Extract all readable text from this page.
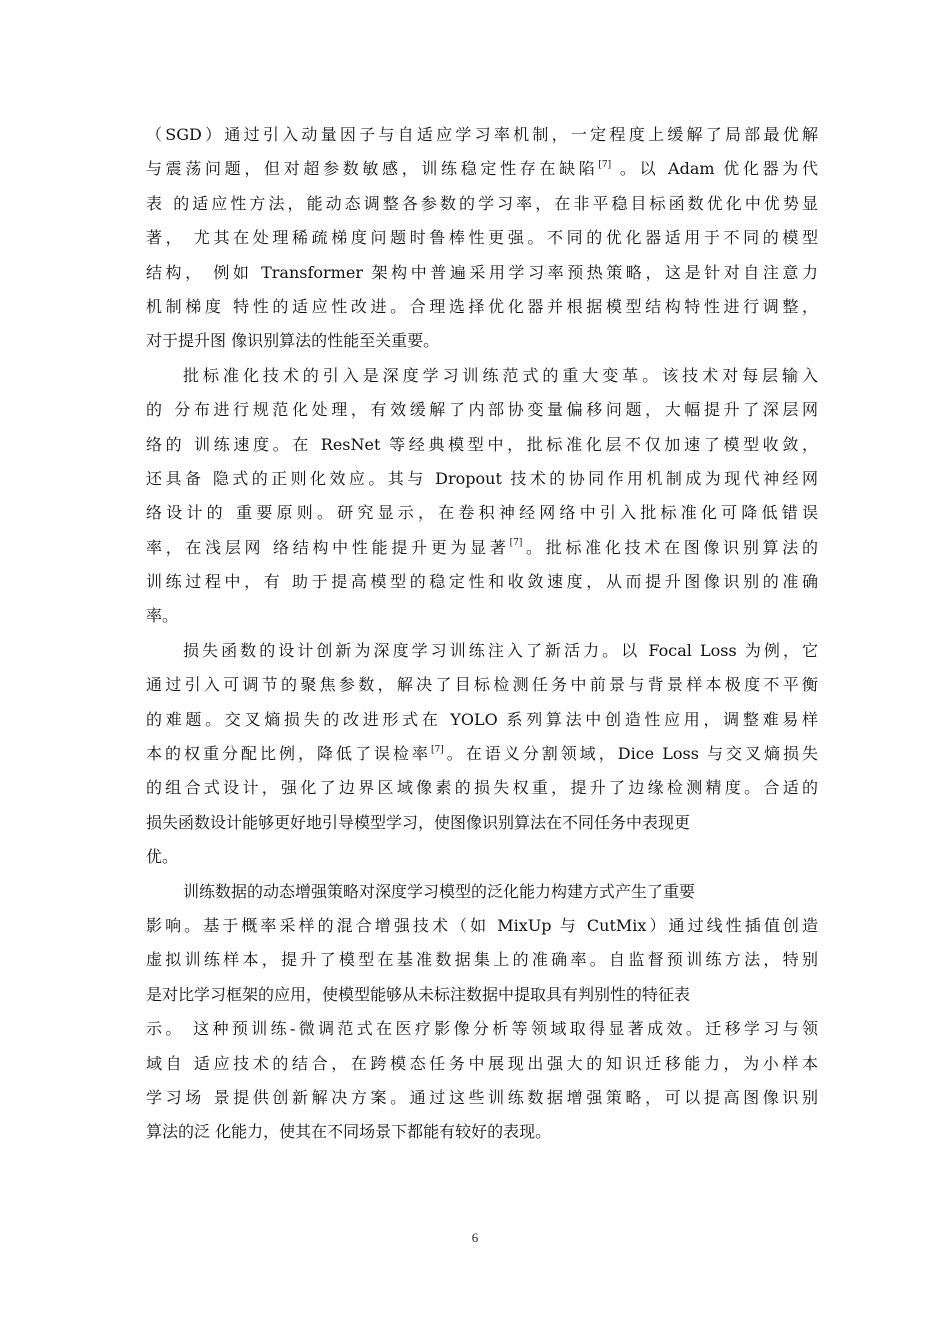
（SGD）通过引入动量因子与自适应学习率机制，一定程度上缓解了局部最优解
与震荡问题，但对超参数敏感，训练稳定性存在缺陷[7] 。以 Adam 优化器为代
表 的适应性方法，能动态调整各参数的学习率，在非平稳目标函数优化中优势显
著， 尤其在处理稀疏梯度问题时鲁棒性更强。不同的优化器适用于不同的模型
结构， 例如 Transformer 架构中普遍采用学习率预热策略，这是针对自注意力
机制梯度 特性的适应性改进。合理选择优化器并根据模型结构特性进行调整，
对于提升图 像识别算法的性能至关重要。
批标准化技术的引入是深度学习训练范式的重大变革。该技术对每层输入
的 分布进行规范化处理，有效缓解了内部协变量偏移问题，大幅提升了深层网
络的 训练速度。在 ResNet 等经典模型中，批标准化层不仅加速了模型收敛，
还具备 隐式的正则化效应。其与 Dropout 技术的协同作用机制成为现代神经网
络设计的 重要原则。研究显示，在卷积神经网络中引入批标准化可降低错误
率，在浅层网 络结构中性能提升更为显著[7]。批标准化技术在图像识别算法的
训练过程中，有 助于提高模型的稳定性和收敛速度，从而提升图像识别的准确
率。
损失函数的设计创新为深度学习训练注入了新活力。以 Focal Loss 为例，它
通过引入可调节的聚焦参数，解决了目标检测任务中前景与背景样本极度不平衡
的难题。交叉熵损失的改进形式在 YOLO 系列算法中创造性应用，调整难易样
本的权重分配比例，降低了误检率[7]。在语义分割领域，Dice Loss 与交叉熵损失
的组合式设计，强化了边界区域像素的损失权重，提升了边缘检测精度。合适的
损失函数设计能够更好地引导模型学习，使图像识别算法在不同任务中表现更
优。
训练数据的动态增强策略对深度学习模型的泛化能力构建方式产生了重要
影响。基于概率采样的混合增强技术（如 MixUp 与 CutMix）通过线性插值创造
虚拟训练样本，提升了模型在基准数据集上的准确率。自监督预训练方法，特别
是对比学习框架的应用，使模型能够从未标注数据中提取具有判别性的特征表
示。 这种预训练-微调范式在医疗影像分析等领域取得显著成效。迁移学习与领
域自 适应技术的结合，在跨模态任务中展现出强大的知识迁移能力，为小样本
学习场 景提供创新解决方案。通过这些训练数据增强策略，可以提高图像识别
算法的泛 化能力，使其在不同场景下都能有较好的表现。
6
